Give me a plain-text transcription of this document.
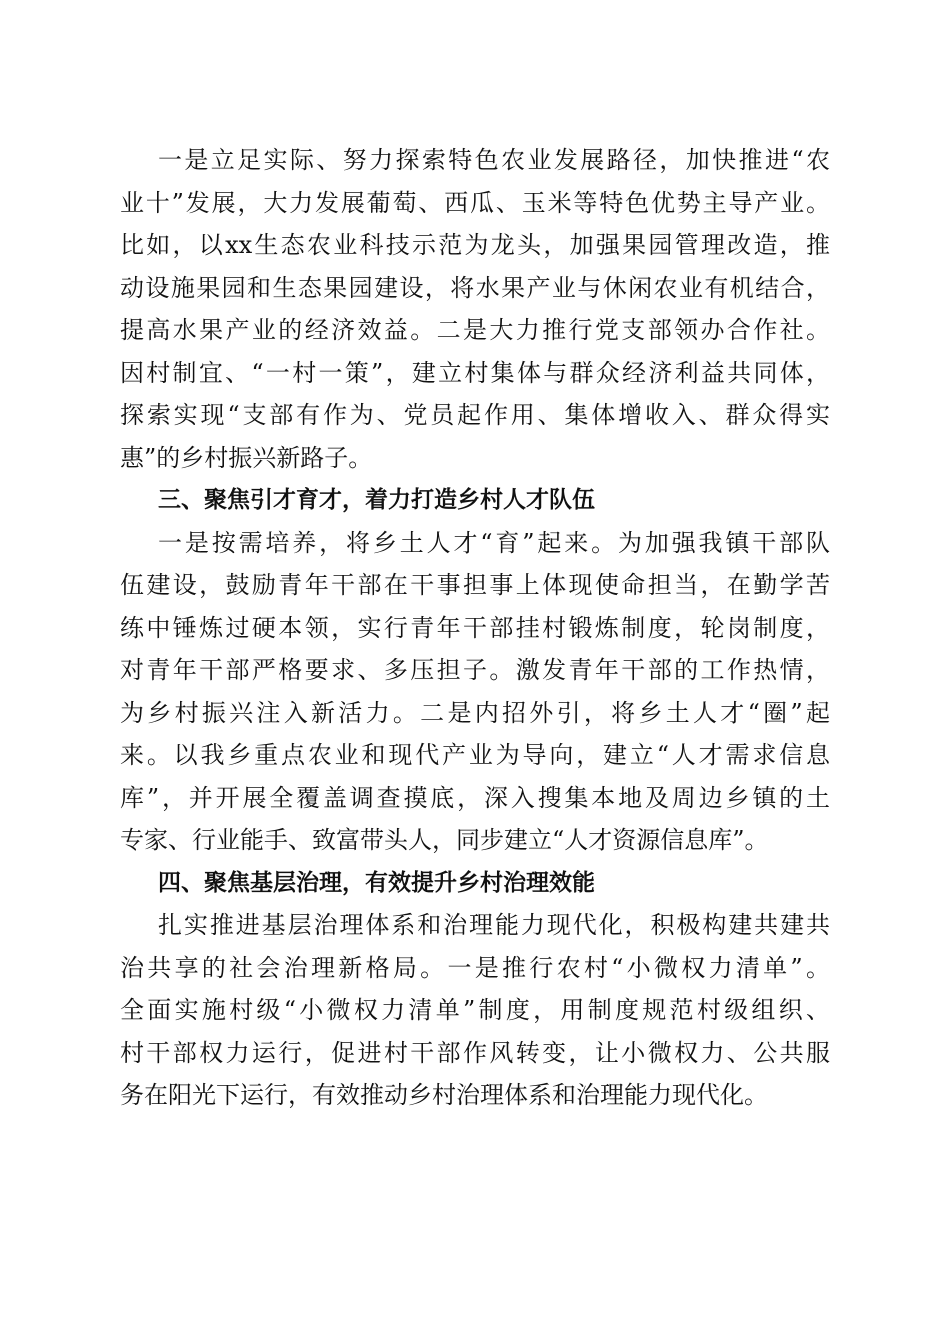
一是立足实际、努力探索特色农业发展路径，加快推进“农
业十”发展，大力发展葡萄、西瓜、玉米等特色优势主导产业。
比如，以xx生态农业科技示范为龙头，加强果园管理改造，推
动设施果园和生态果园建设，将水果产业与休闲农业有机结合，
提高水果产业的经济效益。二是大力推行党支部领办合作社。
因村制宜、“一村一策”，建立村集体与群众经济利益共同体，
探索实现“支部有作为、党员起作用、集体增收入、群众得实
惠”的乡村振兴新路子。
三、聚焦引才育才，着力打造乡村人才队伍
一是按需培养，将乡土人才“育”起来。为加强我镇干部队
伍建设，鼓励青年干部在干事担事上体现使命担当，在勤学苦
练中锤炼过硬本领，实行青年干部挂村锻炼制度，轮岗制度，
对青年干部严格要求、多压担子。激发青年干部的工作热情，
为乡村振兴注入新活力。二是内招外引，将乡土人才“圈”起
来。以我乡重点农业和现代产业为导向，建立“人才需求信息
库”，并开展全覆盖调查摸底，深入搜集本地及周边乡镇的土
专家、行业能手、致富带头人，同步建立“人才资源信息库”。
四、聚焦基层治理，有效提升乡村治理效能
扎实推进基层治理体系和治理能力现代化，积极构建共建共
治共享的社会治理新格局。一是推行农村“小微权力清单”。
全面实施村级“小微权力清单”制度，用制度规范村级组织、
村干部权力运行，促进村干部作风转变，让小微权力、公共服
务在阳光下运行，有效推动乡村治理体系和治理能力现代化。
